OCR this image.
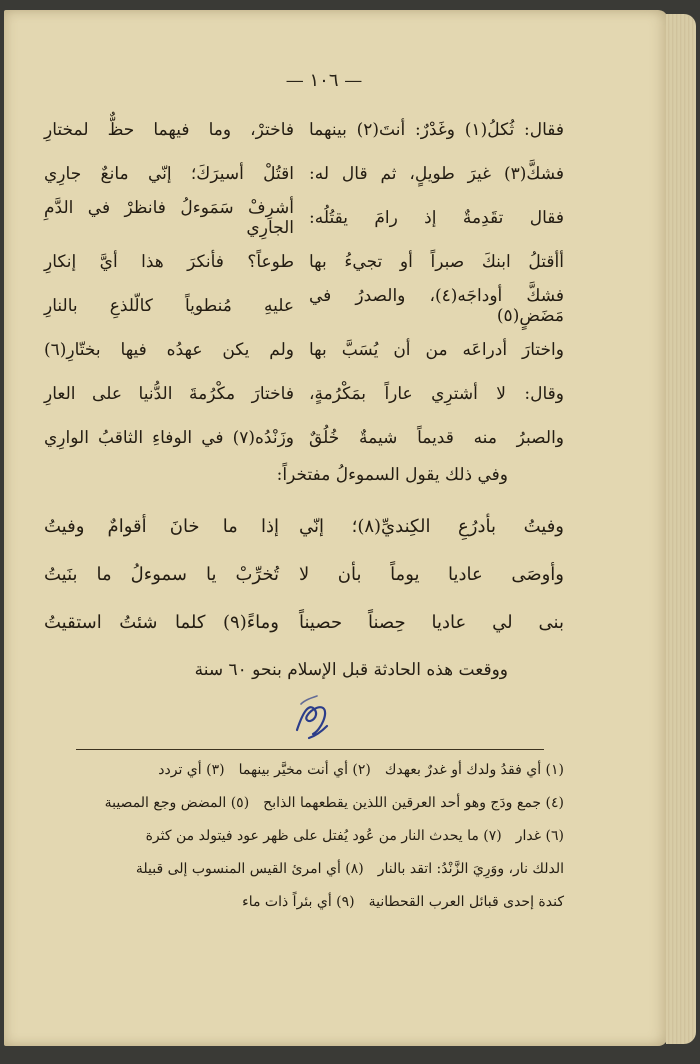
— ١٠٦ —
فقال: ثُكلُ(١) وغَدْرٌ: أنتَ(٢) بينهما
فاخترْ، وما فيهما حظٌّ لمختارِ
فشكَّ(٣) غيرَ طويلٍ، ثم قال له:
اقتُلْ أسيرَكَ؛ إنّي مانعٌ جارِي
فقال تقَدِمةٌ إذ رامَ يقتُلُه:
أشرِفْ سَمَوءلُ فانظرْ في الدَّمِ الجارِي
أأقتلُ ابنكَ صبراً أو تجيءُ بها
طوعاً؟ فأنكرَ هذا أيَّ إنكارِ
فشكَّ أوداجَه(٤)، والصدرُ في مَضَضٍ(٥)
عليهِ مُنطوياً كالّلذعِ بالنارِ
واختارَ أدراعَه من أن يُسَبَّ بها
ولم يكن عهدُه فيها بختّارِ(٦)
وقال: لا أشترِي عاراً بمَكْرُمةٍ،
فاختارَ مكْرُمةَ الدُّنيا على العارِ
والصبرُ منه قديماً شيمةٌ خُلُقٌ
وزَنْدُه(٧) في الوفاءِ الثاقبُ الوارِي
وفي ذلك يقول السموءلُ مفتخراً:
وفيتُ بأدرُعِ الكِنديِّ(٨)؛ إنّي
إذا ما خانَ أقوامٌ وفيتُ
وأوصَى عاديا يوماً بأن لا
تُخرِّبْ يا سموءلُ ما بنَيتُ
بنى لي عاديا حِصناً حصيناً
وماءً(٩) كلما شئتُ استقيتُ
ووقعت هذه الحادثة قبل الإسلام بنحو ٦٠ سنة
(١) أي فقدُ ولدك أو غدرٌ بعهدك(٢) أي أنت مخيَّر بينهما(٣) أي تردد
(٤) جمع ودَج وهو أحد العرقين اللذين يقطعهما الذابح(٥) المضض وجع المصيبة
(٦) غدار(٧) ما يحدث النار من عُود يُفتل على ظهر عود فيتولد من كثرة
الدلك نار، ووَرِيَ الزَّنْدُ: اتقد بالنار(٨) أي امرئ القيس المنسوب إلى قبيلة
كندة إحدى قبائل العرب القحطانية(٩) أي بئراً ذات ماء
